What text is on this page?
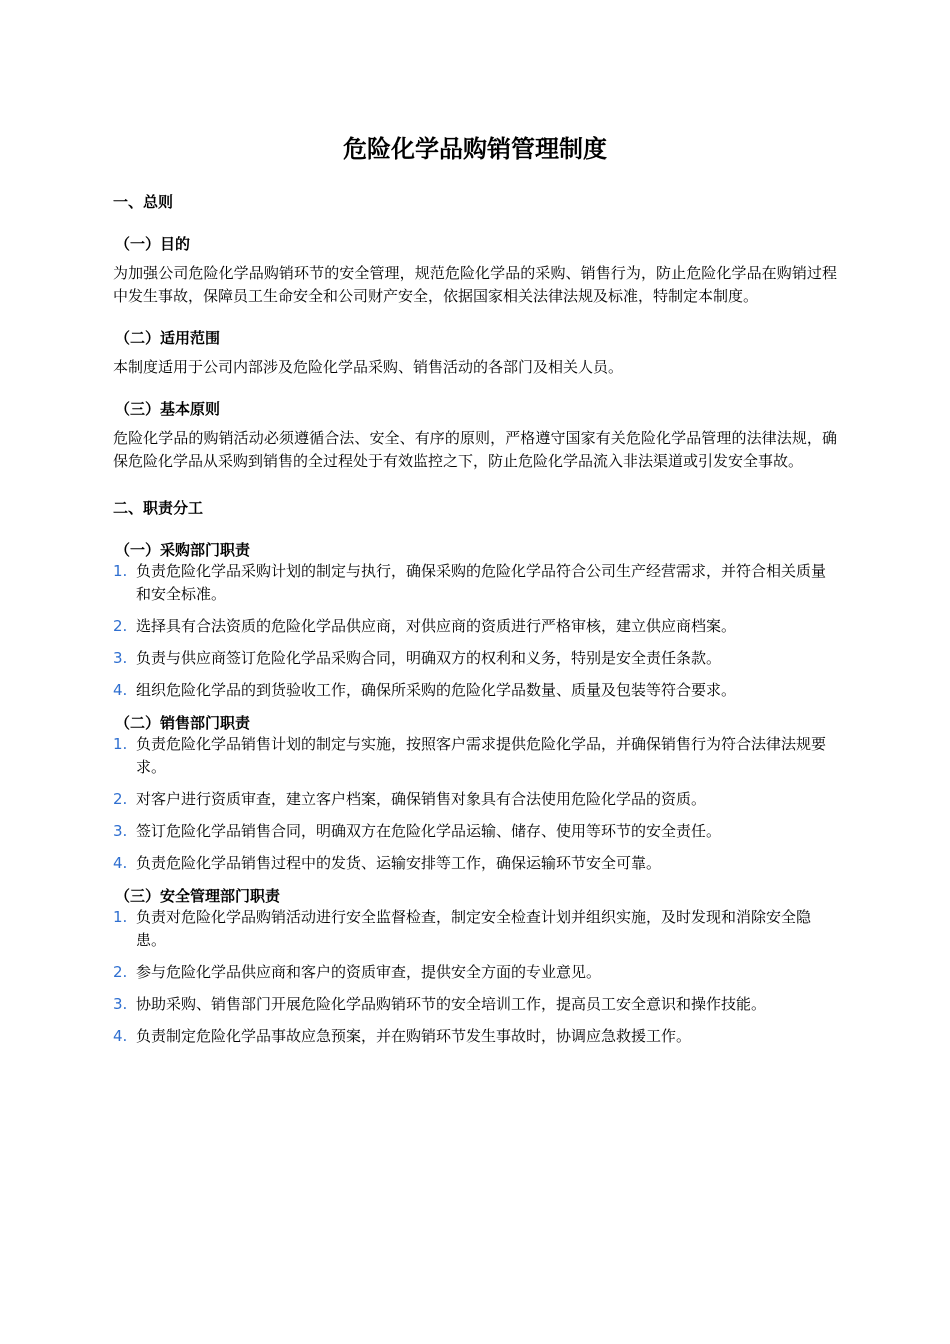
危险化学品购销管理制度
一、总则
（一）目的

为加强公司危险化学品购销环节的安全管理，规范危险化学品的采购、销售行为，防止危险化学品在购销过程中发生事故，保障员工生命安全和公司财产安全，依据国家相关法律法规及标准，特制定本制度。

（二）适用范围

本制度适用于公司内部涉及危险化学品采购、销售活动的各部门及相关人员。

（三）基本原则

危险化学品的购销活动必须遵循合法、安全、有序的原则，严格遵守国家有关危险化学品管理的法律法规，确保危险化学品从采购到销售的全过程处于有效监控之下，防止危险化学品流入非法渠道或引发安全事故。

二、职责分工
（一）采购部门职责
1. 负责危险化学品采购计划的制定与执行，确保采购的危险化学品符合公司生产经营需求，并符合相关质量和安全标准。
2. 选择具有合法资质的危险化学品供应商，对供应商的资质进行严格审核，建立供应商档案。
3. 负责与供应商签订危险化学品采购合同，明确双方的权利和义务，特别是安全责任条款。
4. 组织危险化学品的到货验收工作，确保所采购的危险化学品数量、质量及包装等符合要求。
（二）销售部门职责
1. 负责危险化学品销售计划的制定与实施，按照客户需求提供危险化学品，并确保销售行为符合法律法规要求。
2. 对客户进行资质审查，建立客户档案，确保销售对象具有合法使用危险化学品的资质。
3. 签订危险化学品销售合同，明确双方在危险化学品运输、储存、使用等环节的安全责任。
4. 负责危险化学品销售过程中的发货、运输安排等工作，确保运输环节安全可靠。
（三）安全管理部门职责
1. 负责对危险化学品购销活动进行安全监督检查，制定安全检查计划并组织实施，及时发现和消除安全隐患。
2. 参与危险化学品供应商和客户的资质审查，提供安全方面的专业意见。
3. 协助采购、销售部门开展危险化学品购销环节的安全培训工作，提高员工安全意识和操作技能。
4. 负责制定危险化学品事故应急预案，并在购销环节发生事故时，协调应急救援工作。
